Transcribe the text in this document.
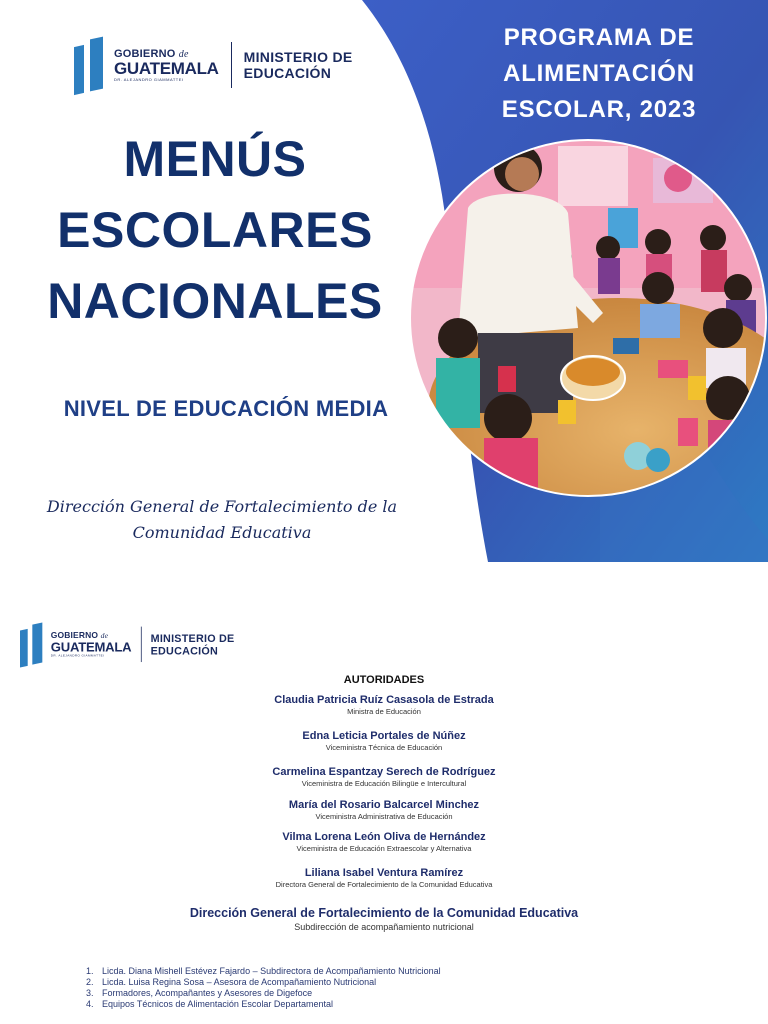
GOBIERNO de
GUATEMALA
DR. ALEJANDRO GIAMMATTEI
MINISTERIO DE
EDUCACIÓN
PROGRAMA DE
ALIMENTACIÓN
ESCOLAR, 2023
MENÚS
ESCOLARES
NACIONALES
NIVEL DE EDUCACIÓN MEDIA
Dirección General de Fortalecimiento de la
Comunidad Educativa
GOBIERNO de
GUATEMALA
DR. ALEJANDRO GIAMMATTEI
MINISTERIO DE
EDUCACIÓN
AUTORIDADES
Claudia Patricia Ruíz Casasola de Estrada
Ministra de Educación
Edna Leticia Portales de Núñez
Viceministra Técnica de Educación
Carmelina Espantzay Serech de Rodríguez
Viceministra de Educación Bilingüe e Intercultural
María del Rosario Balcarcel Minchez
Viceministra Administrativa de Educación
Vilma Lorena León Oliva de Hernández
Viceministra de Educación Extraescolar y Alternativa
Liliana Isabel Ventura Ramírez
Directora General de Fortalecimiento de la Comunidad Educativa
Dirección General de Fortalecimiento de la Comunidad Educativa
Subdirección de acompañamiento nutricional
1. Licda. Diana Mishell Estévez Fajardo – Subdirectora de Acompañamiento Nutricional
2. Licda. Luisa Regina Sosa – Asesora de Acompañamiento Nutricional
3. Formadores, Acompañantes y Asesores de Digefoce
4. Equipos Técnicos de Alimentación Escolar Departamental
